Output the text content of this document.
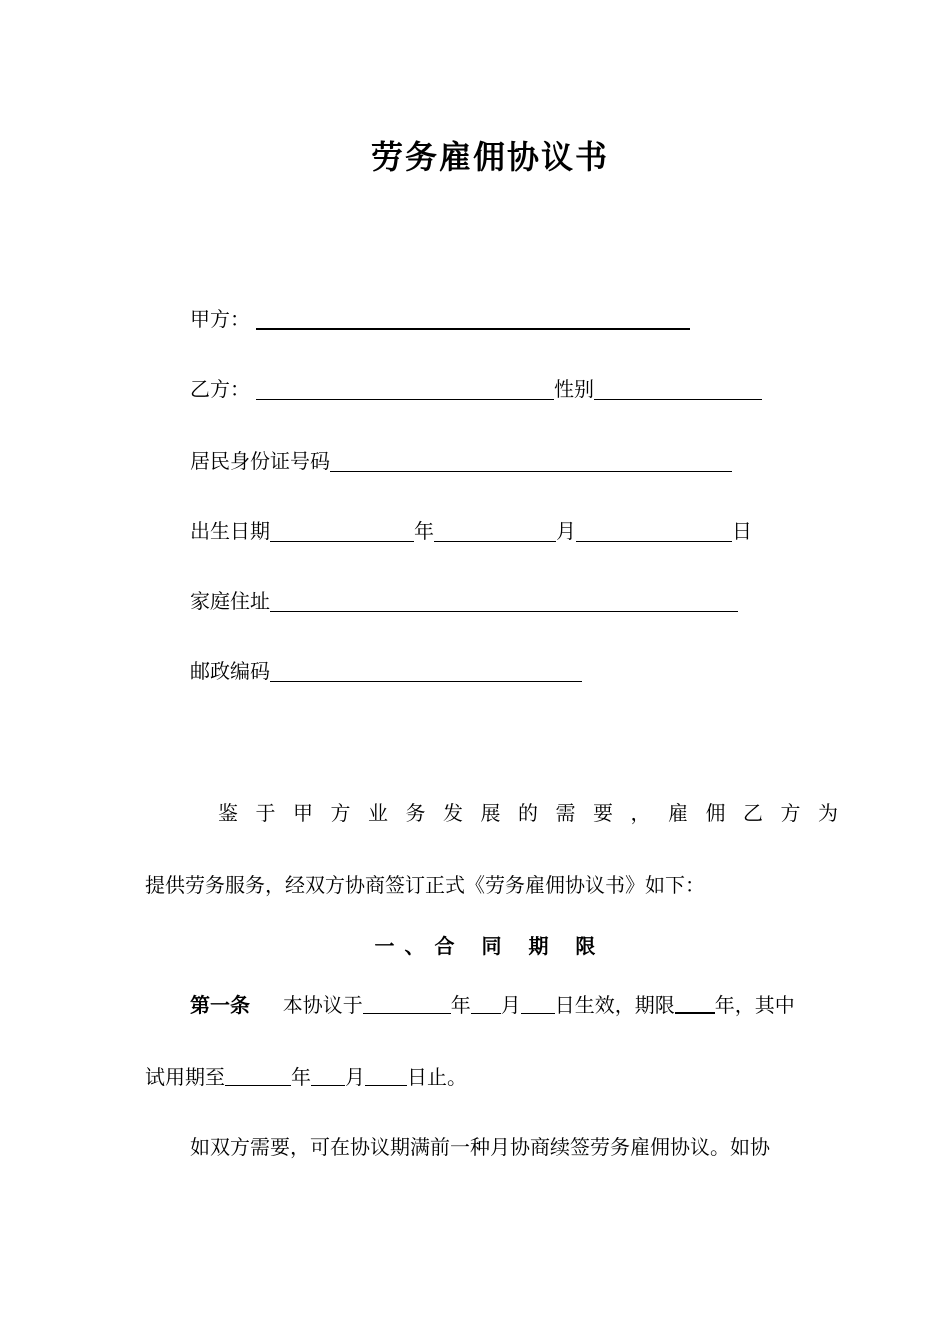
劳务雇佣协议书
甲方：
乙方：	性别
居民身份证号码
出生日期	年	月	日
家庭住址
邮政编码
鉴 于 甲 方 业 务 发 展 的 需 要 ， 雇 佣 乙 方 为
提供劳务服务，经双方协商签订正式《劳务雇佣协议书》如下：
一、合 同 期 限
第一条 本协议于	年 月 日生效，期限 年，其中
试用期至	年 月 日止。
如双方需要，可在协议期满前一种月协商续签劳务雇佣协议。如协
